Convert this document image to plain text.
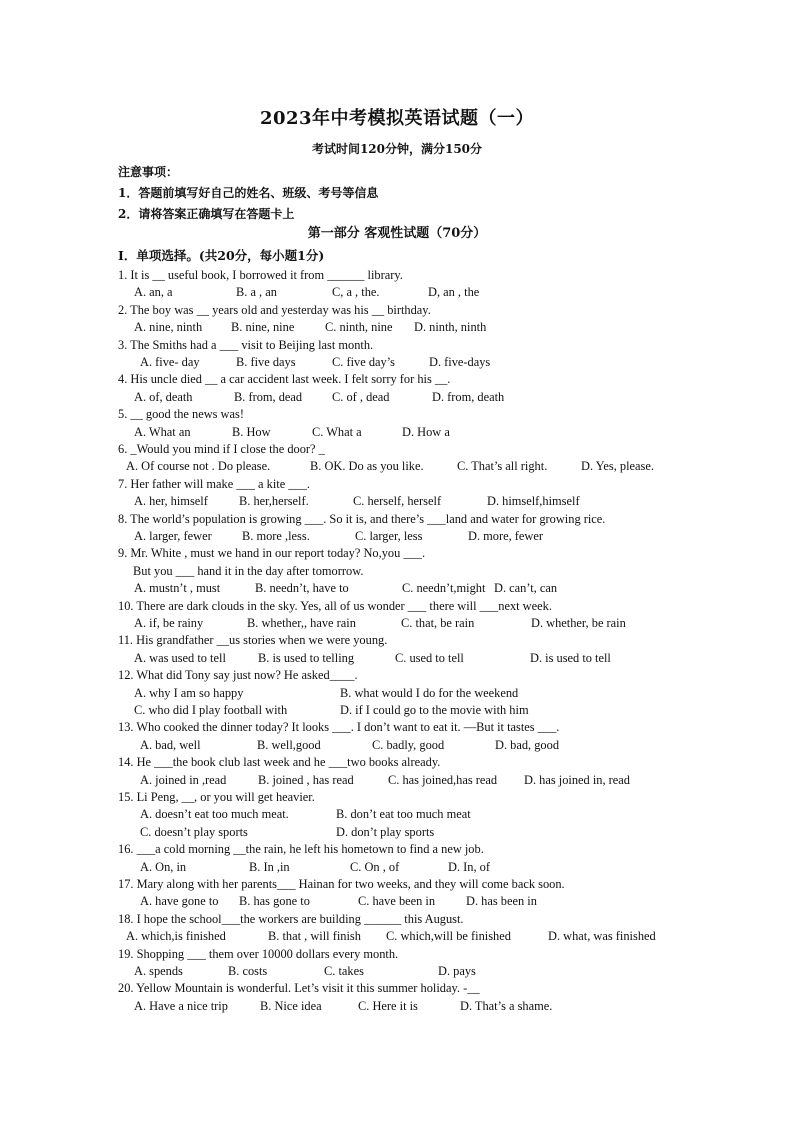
2023年中考模拟英语试题（一）
考试时间120分钟，满分150分
注意事项：
1．答题前填写好自己的姓名、班级、考号等信息
2．请将答案正确填写在答题卡上
第一部分 客观性试题（70分）
Ⅰ．单项选择。(共20分，每小题1分)
1. It is __ useful book, I borrowed it from ______ library.
A. an, a	B. a , an	C, a , the.	D, an , the
2. The boy was __ years old and yesterday was his __ birthday.
A. nine, ninth B. nine, nine C. ninth, nine D. ninth, ninth
3. The Smiths had a ___ visit to Beijing last month.
A. five- day	B. five days	C. five day’s	D. five-days
4. His uncle died __ a car accident last week. I felt sorry for his __.
A. of, death	B. from, dead C. of , dead	D. from, death
5. __ good the news was!
A. What an	B. How	C. What a	D. How a
6. _Would you mind if I close the door? _
A. Of course not . Do please.	B. OK. Do as you like.	C. That’s all right.	D. Yes, please.
7. Her father will make ___ a kite ___.
A. her, himself	B. her,herself.	C. herself, herself	D. himself,himself
8. The world’s population is growing ___. So it is, and there’s ___land and water for growing rice.
A. larger, fewer B. more ,less.	C. larger, less	D. more, fewer
9. Mr. White , must we hand in our report today? No,you ___.
But you ___ hand it in the day after tomorrow.
A. mustn’t , must	B. needn’t, have to	C. needn’t,might D. can’t, can
10. There are dark clouds in the sky. Yes, all of us wonder ___ there will ___next week.
A. if, be rainy	B. whether,, have rain	C. that, be rain	D. whether, be rain
11. His grandfather __us stories when we were young.
A. was used to tell	B. is used to telling	C. used to tell	D. is used to tell
12. What did Tony say just now? He asked____.
A. why I am so happy	B. what would I do for the weekend
C. who did I play football with	D. if I could go to the movie with him
13. Who cooked the dinner today? It looks ___. I don’t want to eat it. —But it tastes ___.
A. bad, well	B. well,good	C. badly, good	D. bad, good
14. He ___the book club last week and he ___two books already.
A. joined in ,read	B. joined , has read	C. has joined,has read D. has joined in, read
15. Li Peng, __, or you will get heavier.
A. doesn’t eat too much meat.	B. don’t eat too much meat
C. doesn’t play sports	D. don’t play sports
16. ___a cold morning __the rain, he left his hometown to find a new job.
A. On, in	B. In ,in	C. On , of	D. In, of
17. Mary along with her parents___ Hainan for two weeks, and they will come back soon.
A. have gone to B. has gone to	C. have been in D. has been in
18. I hope the school___the workers are building ______ this August.
A. which,is finished	B. that , will finish C. which,will be finished	D. what, was finished
19. Shopping ___ them over 10000 dollars every month.
A. spends	B. costs	C. takes	D. pays
20. Yellow Mountain is wonderful. Let’s visit it this summer holiday. -__
A. Have a nice trip	B. Nice idea	C. Here it is	D. That’s a shame.
